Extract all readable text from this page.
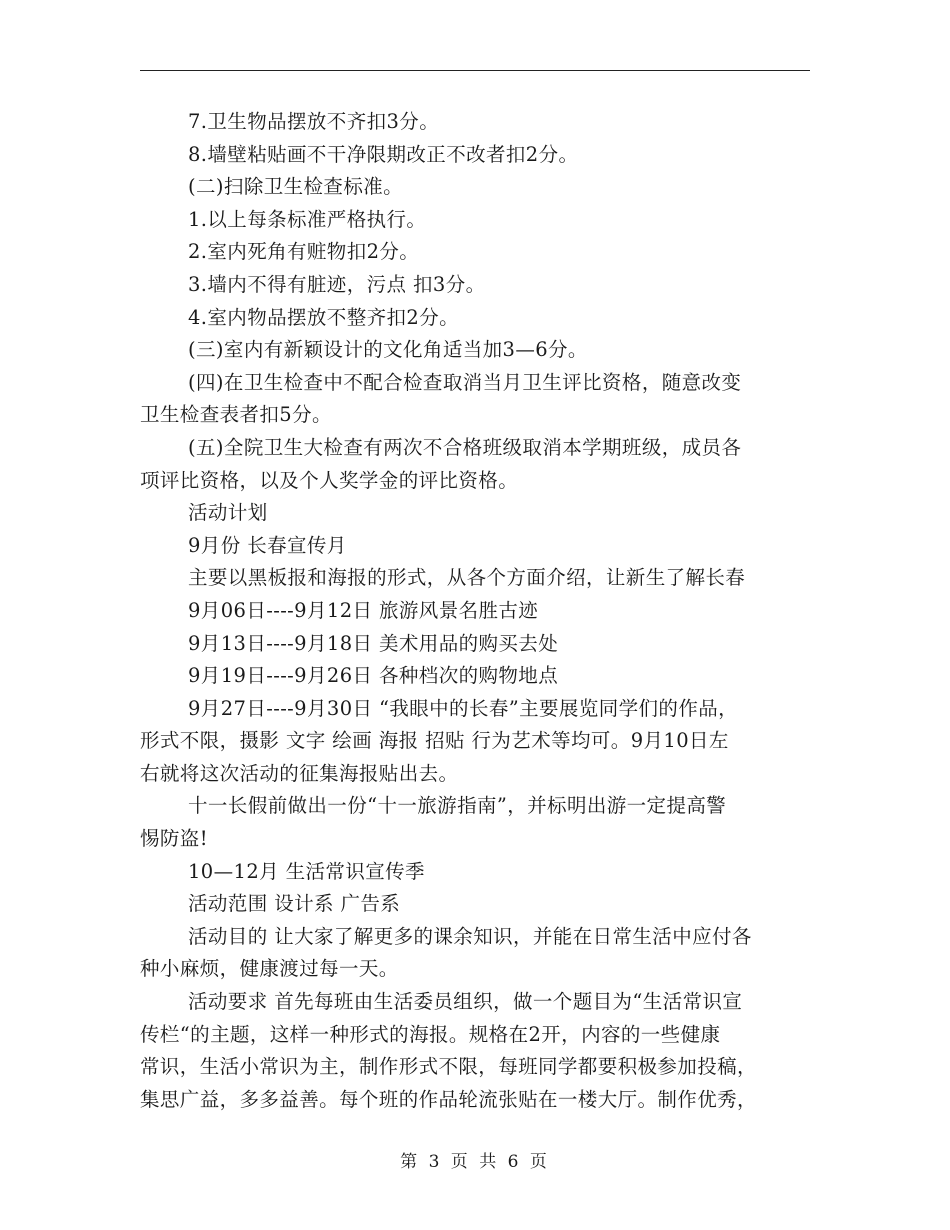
7.卫生物品摆放不齐扣3分。
8.墙壁粘贴画不干净限期改正不改者扣2分。
(二)扫除卫生检查标准。
1.以上每条标准严格执行。
2.室内死角有赃物扣2分。
3.墙内不得有脏迹，污点 扣3分。
4.室内物品摆放不整齐扣2分。
(三)室内有新颖设计的文化角适当加3—6分。
(四)在卫生检查中不配合检查取消当月卫生评比资格，随意改变
卫生检查表者扣5分。
(五)全院卫生大检查有两次不合格班级取消本学期班级，成员各
项评比资格，以及个人奖学金的评比资格。
活动计划
9月份 长春宣传月
主要以黑板报和海报的形式，从各个方面介绍，让新生了解长春
9月06日----9月12日 旅游风景名胜古迹
9月13日----9月18日 美术用品的购买去处
9月19日----9月26日 各种档次的购物地点
9月27日----9月30日 “我眼中的长春”主要展览同学们的作品，
形式不限，摄影 文字 绘画 海报 招贴 行为艺术等均可。9月10日左
右就将这次活动的征集海报贴出去。
十一长假前做出一份“十一旅游指南”，并标明出游一定提高警
惕防盗!
10—12月 生活常识宣传季
活动范围 设计系 广告系
活动目的 让大家了解更多的课余知识，并能在日常生活中应付各
种小麻烦，健康渡过每一天。
活动要求 首先每班由生活委员组织，做一个题目为“生活常识宣
传栏“的主题，这样一种形式的海报。规格在2开，内容的一些健康
常识，生活小常识为主，制作形式不限，每班同学都要积极参加投稿，
集思广益，多多益善。每个班的作品轮流张贴在一楼大厅。制作优秀，
第 3 页 共 6 页
